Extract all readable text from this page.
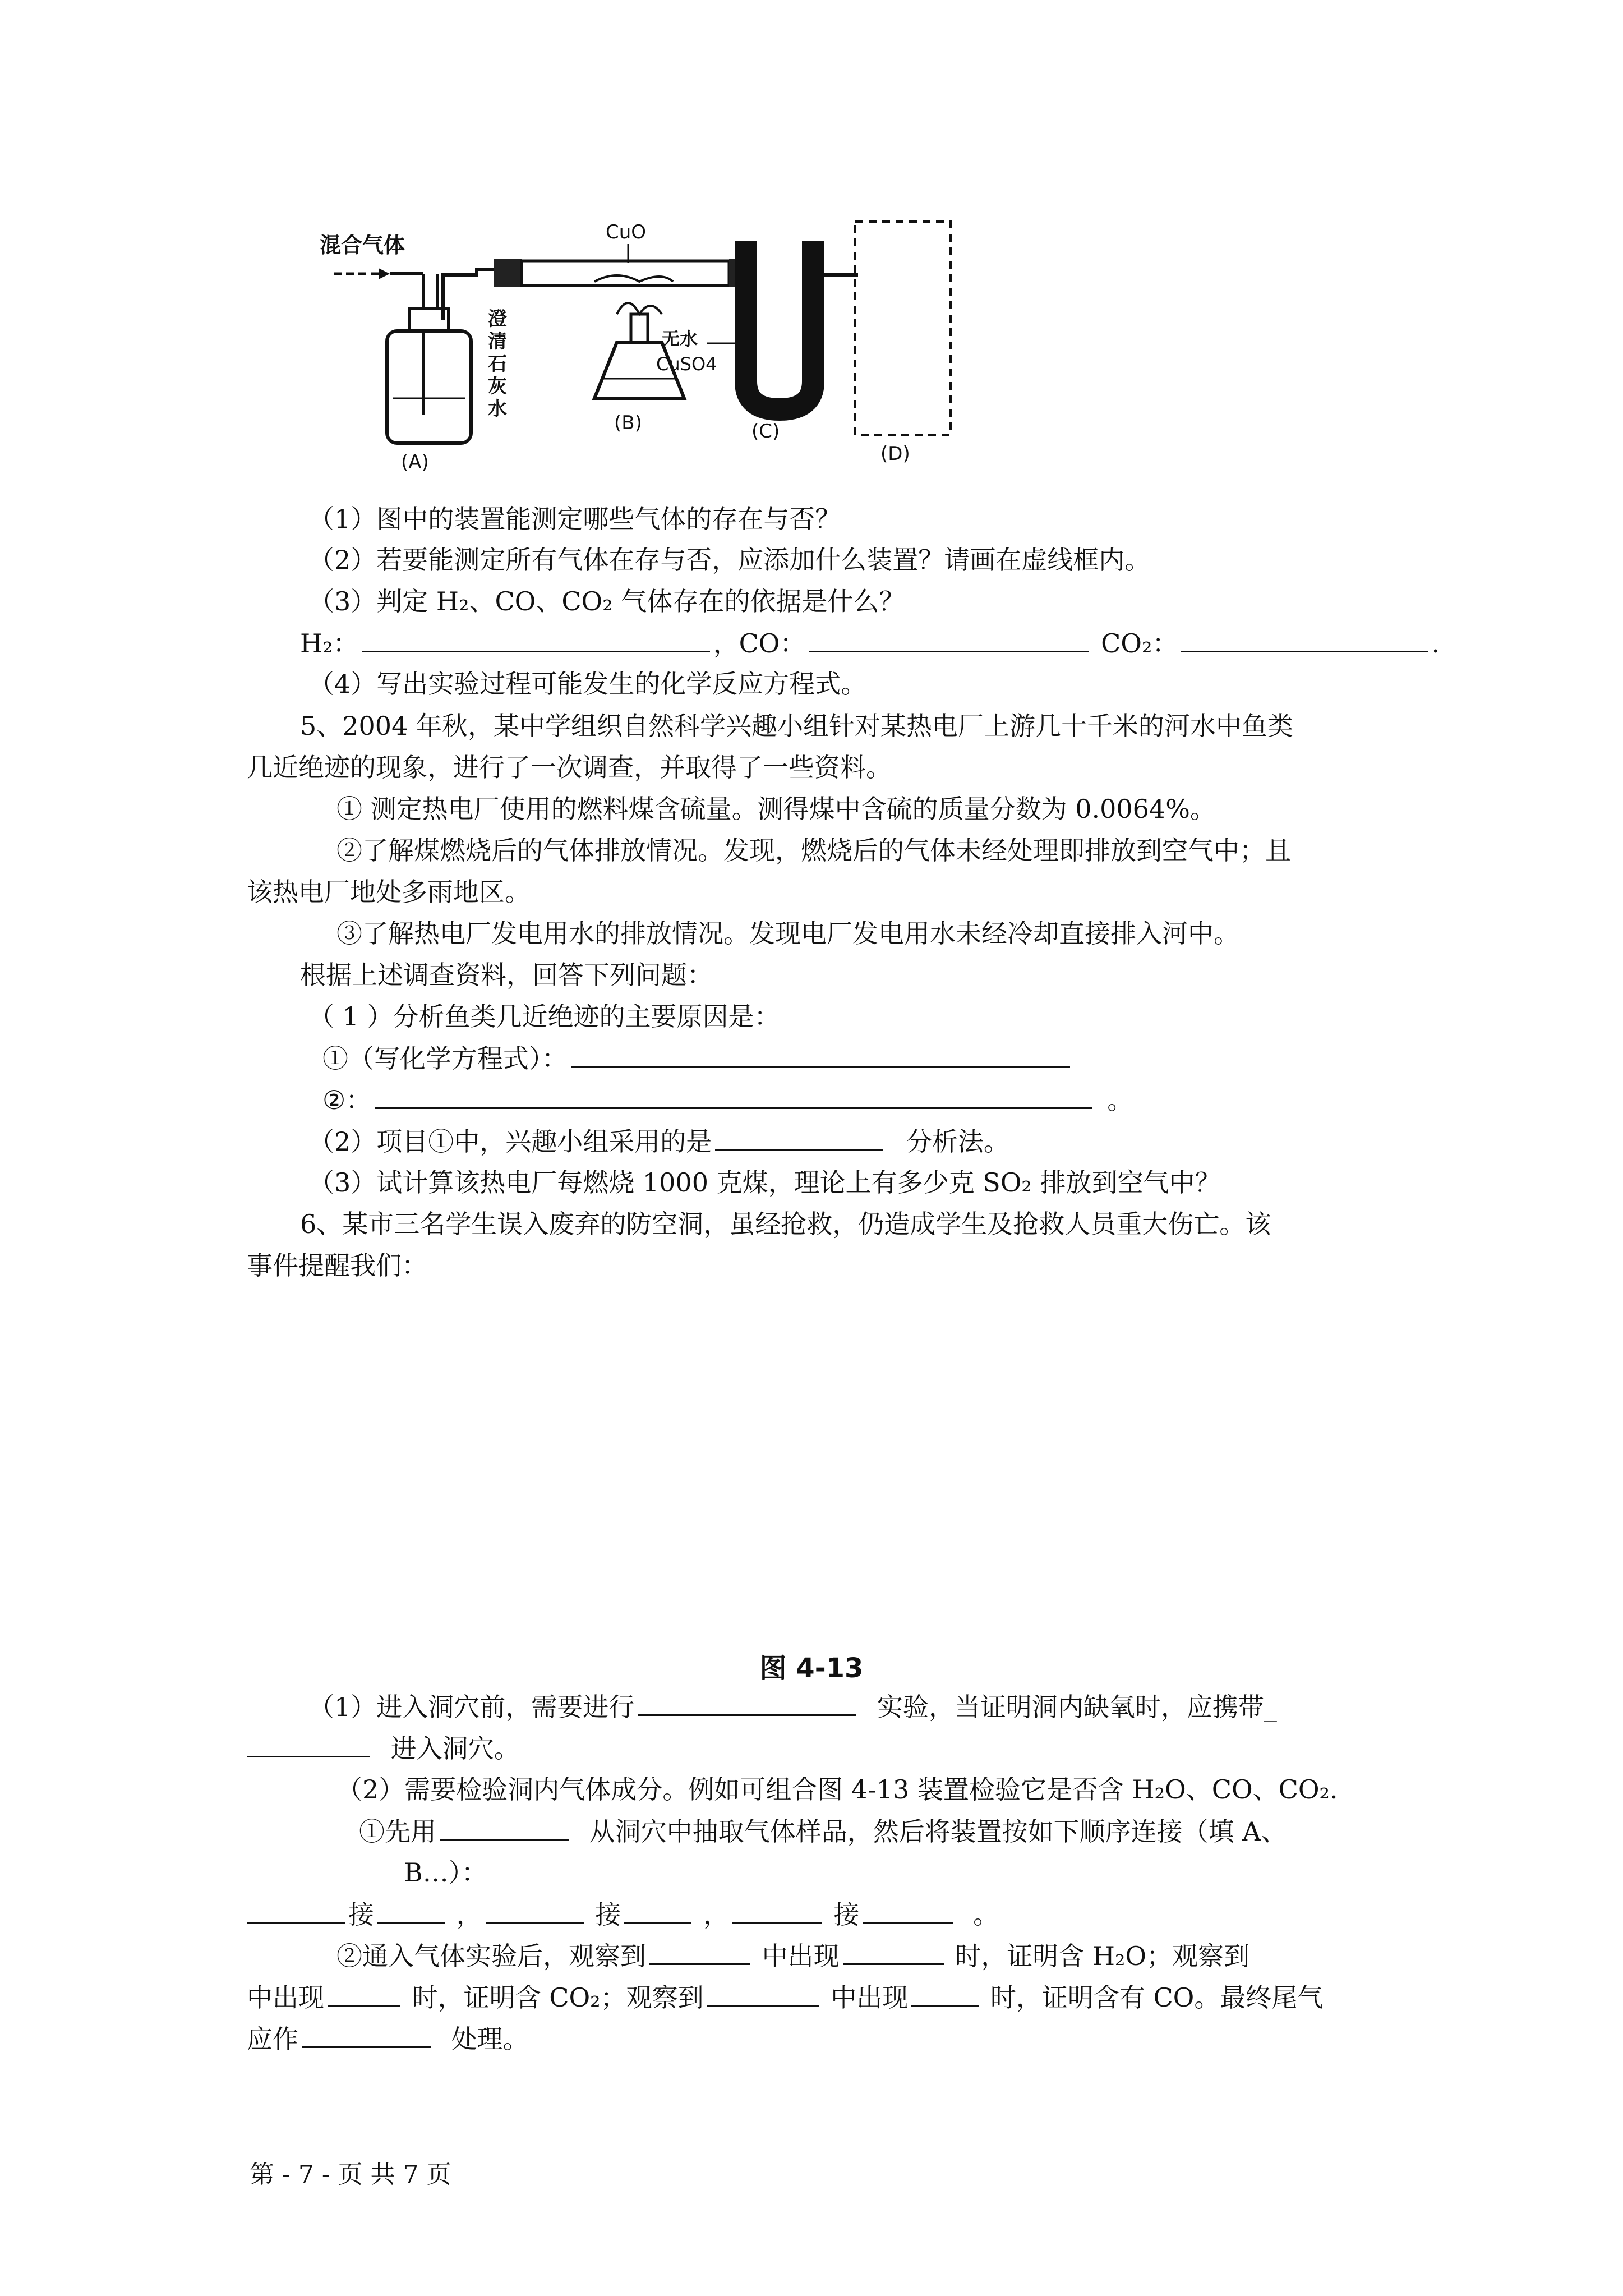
混合气体
澄
清
石
灰
水
(A)
CuO
(B)
无水
CuSO4
(C)
(D)
（1）图中的装置能测定哪些气体的存在与否？
（2）若要能测定所有气体在存与否，应添加什么装置？请画在虚线框内。
（3）判定 H₂、CO、CO₂ 气体存在的依据是什么？
H₂：	，CO：	CO₂：	.
（4）写出实验过程可能发生的化学反应方程式。
5、2004 年秋，某中学组织自然科学兴趣小组针对某热电厂上游几十千米的河水中鱼类
几近绝迹的现象，进行了一次调查，并取得了一些资料。
① 测定热电厂使用的燃料煤含硫量。测得煤中含硫的质量分数为 0.0064%。
②了解煤燃烧后的气体排放情况。发现，燃烧后的气体未经处理即排放到空气中；且
该热电厂地处多雨地区。
③了解热电厂发电用水的排放情况。发现电厂发电用水未经冷却直接排入河中。
根据上述调查资料，回答下列问题：
（ 1 ）分析鱼类几近绝迹的主要原因是：
①（写化学方程式）：
②：	。
（2）项目①中，兴趣小组采用的是	分析法。
（3）试计算该热电厂每燃烧 1000 克煤，理论上有多少克 SO₂ 排放到空气中？
6、某市三名学生误入废弃的防空洞，虽经抢救，仍造成学生及抢救人员重大伤亡。该
事件提醒我们：
图 4-13
（1）进入洞穴前，需要进行	实验，当证明洞内缺氧时，应携带_
进入洞穴。
（2）需要检验洞内气体成分。例如可组合图 4-13 装置检验它是否含 H₂O、CO、CO₂.
①先用	从洞穴中抽取气体样品，然后将装置按如下顺序连接（填 A、
B…）：
接	，	接	，	接	。
②通入气体实验后，观察到	中出现	时，证明含 H₂O；观察到
中出现	时，证明含 CO₂；观察到	中出现	时，证明含有 CO。最终尾气
应作	处理。
第 - 7 - 页 共 7 页
